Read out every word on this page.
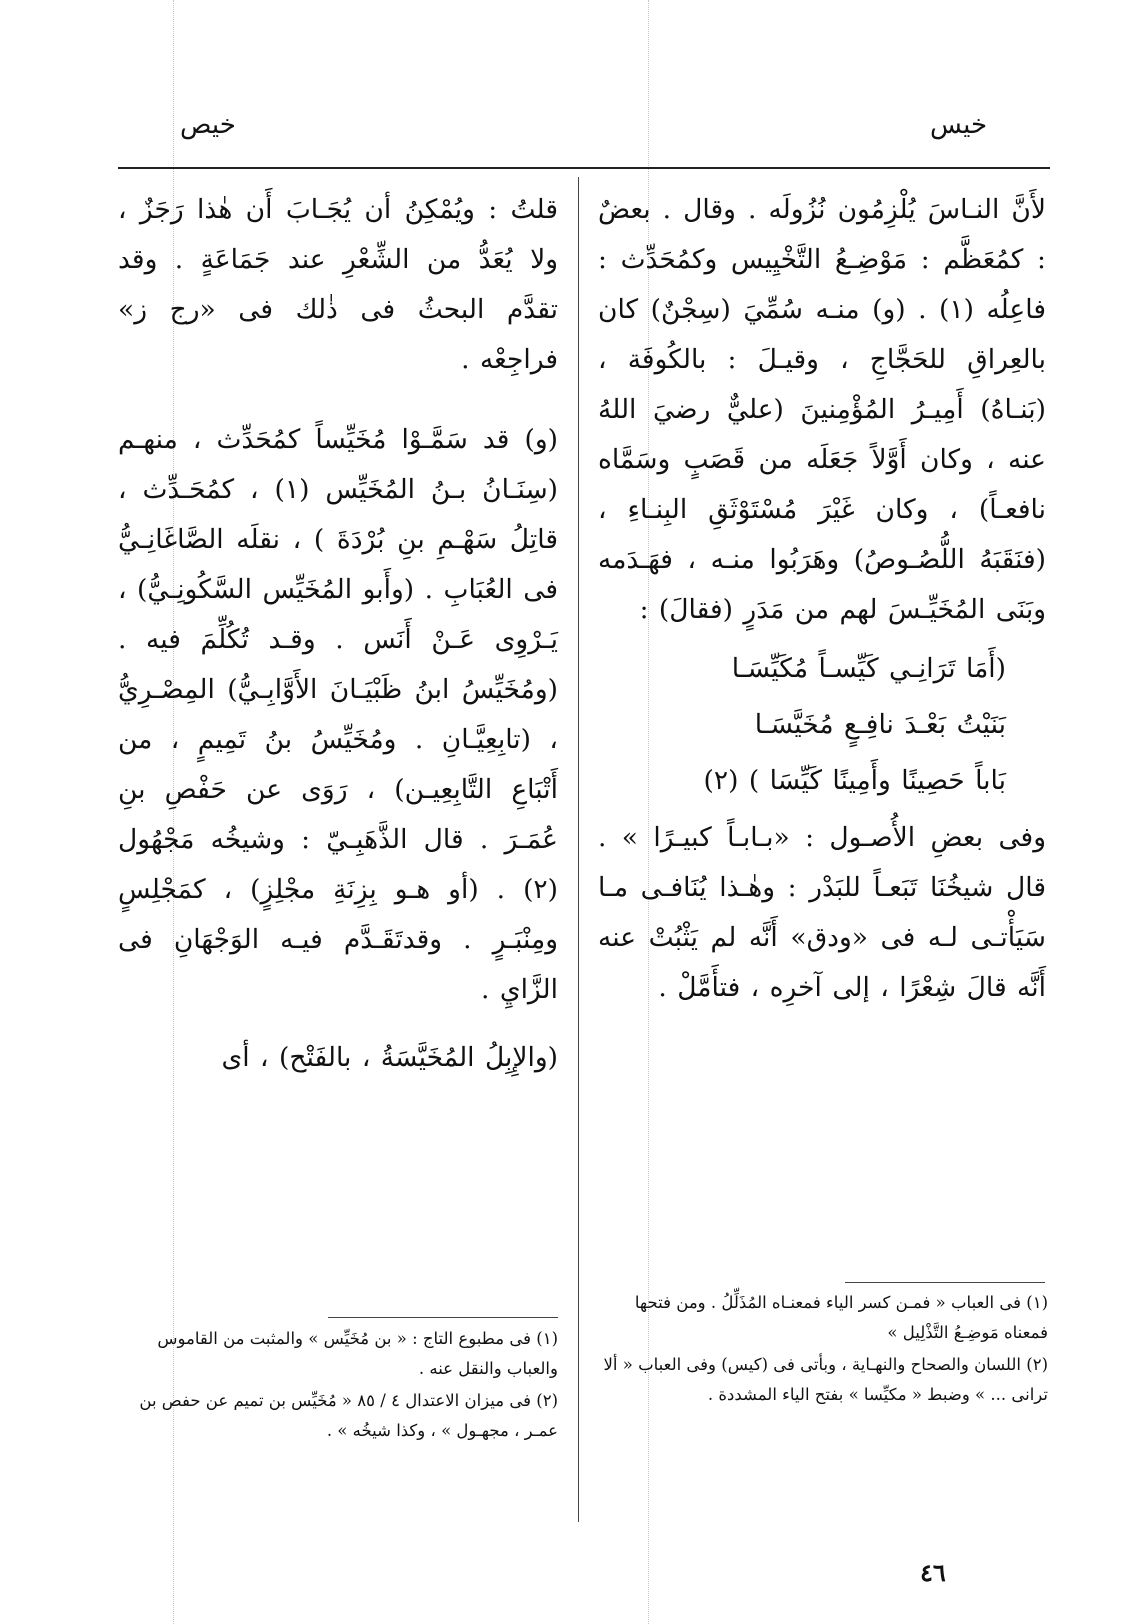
خيس
خيص

لأَنَّ النـاسَ يُلْزِمُون نُزُولَه . وقال . بعضٌ : كمُعَظَّم : مَوْضِـعُ التَّخْيِيس وكمُحَدِّث : فاعِلُه (١) . (و) منـه سُمِّيَ (سِجْنٌ) كان بالعِراقِ للحَجَّاجِ ، وقيـلَ : بالكُوفَة ، (بَنـاهُ) أَمِيـرُ المُؤْمِنينَ (عليٌّ رضيَ اللهُ عنه ، وكان أَوَّلاً جَعَلَه من قَصَبٍ وسَمَّاه نافعـاً) ، وكان غَيْرَ مُسْتَوْثَقِ البِنـاءِ ، (فنَقَبَهُ اللُّصُـوصُ) وهَرَبُوا منـه ، فهَـدَمه وبَنَى المُخَيِّـسَ لهم من مَدَرٍ (فقالَ) :

(أَمَا تَرَانِـي كَيِّسـاً مُكَيِّسَـا
بَنَيْتُ بَعْـدَ نافِـعٍ مُخَيَّسَـا
بَاباً حَصِينًا وأَمِينًا كَيِّسَا ) (٢)

وفى بعضِ الأُصـول : «بـابـاً كبيـرًا » . قال شيخُنَا تَبَعـاً للبَدْر : وهٰـذا يُنَافـى مـا سَيَأْتـى لـه فى «ودق» أَنَّه لم يَثْبُتْ عنه أَنَّه قالَ شِعْرًا ، إلى آخرِه ، فتأَمَّلْ .

قلتُ : ويُمْكِنُ أن يُجَـابَ أَن هٰذا رَجَزٌ ، ولا يُعَدُّ من الشِّعْرِ عند جَمَاعَةٍ . وقد تقدَّم البحثُ فى ذٰلك فى «رج ز» فراجِعْه .

(و) قد سَمَّـوْا مُخَيِّساً كمُحَدِّث ، منهـم (سِنَـانُ بـنُ المُخَيِّس (١) ، كمُحَـدِّث ، قاتِلُ سَهْـمِ بنِ بُرْدَةَ ) ، نقلَه الصَّاغَانِـيُّ فى العُبَابِ . (وأَبو المُخَيِّس السَّكُونِـيُّ) ، يَـرْوِى عَـنْ أَنَس . وقـد تُكُلِّمَ فيه . (ومُخَيِّسُ ابنُ ظَبْيَـانَ الأَوَّابِـيُّ) المِصْـرِيُّ ، (تابِعِيَّـانِ . ومُخَيِّسُ بنُ تَمِيمٍ ، من أَتْبَاعِ التَّابِعِيـن) ، رَوَى عن حَفْصِ بنِ عُمَـرَ . قال الذَّهَبِـيّ : وشيخُه مَجْهُول (٢) . (أو هـو بِزِنَةِ مجْلِزٍ) ، كمَجْلِسٍ ومِنْبَـرٍ . وقدتَقَـدَّم فيـه الوَجْهَانِ فى الزَّايِ .

(والإِبِلُ المُخَيَّسَةُ ، بالفَتْح) ، أى

(١) فى العباب « فمـن كسر الياء فمعنـاه المُذَلِّلُ . ومن فتحها فمعناه مَوضِـعُ التَّذْلِيل »

(٢) اللسان والصحاح والنهـاية ، وبأتى فى (كيس) وفى العباب « ألا ترانى ... » وضبط « مكيِّسا » بفتح الياء المشددة .

(١) فى مطبوع التاج : « بن مُخَيِّس » والمثبت من القاموس والعباب والنقل عنه .

(٢) فى ميزان الاعتدال ٤ / ٨٥ « مُخَيِّس بن تميم عن حفص بن عمـر ، مجهـول » ، وكذا شيخُه » .

٤٦
